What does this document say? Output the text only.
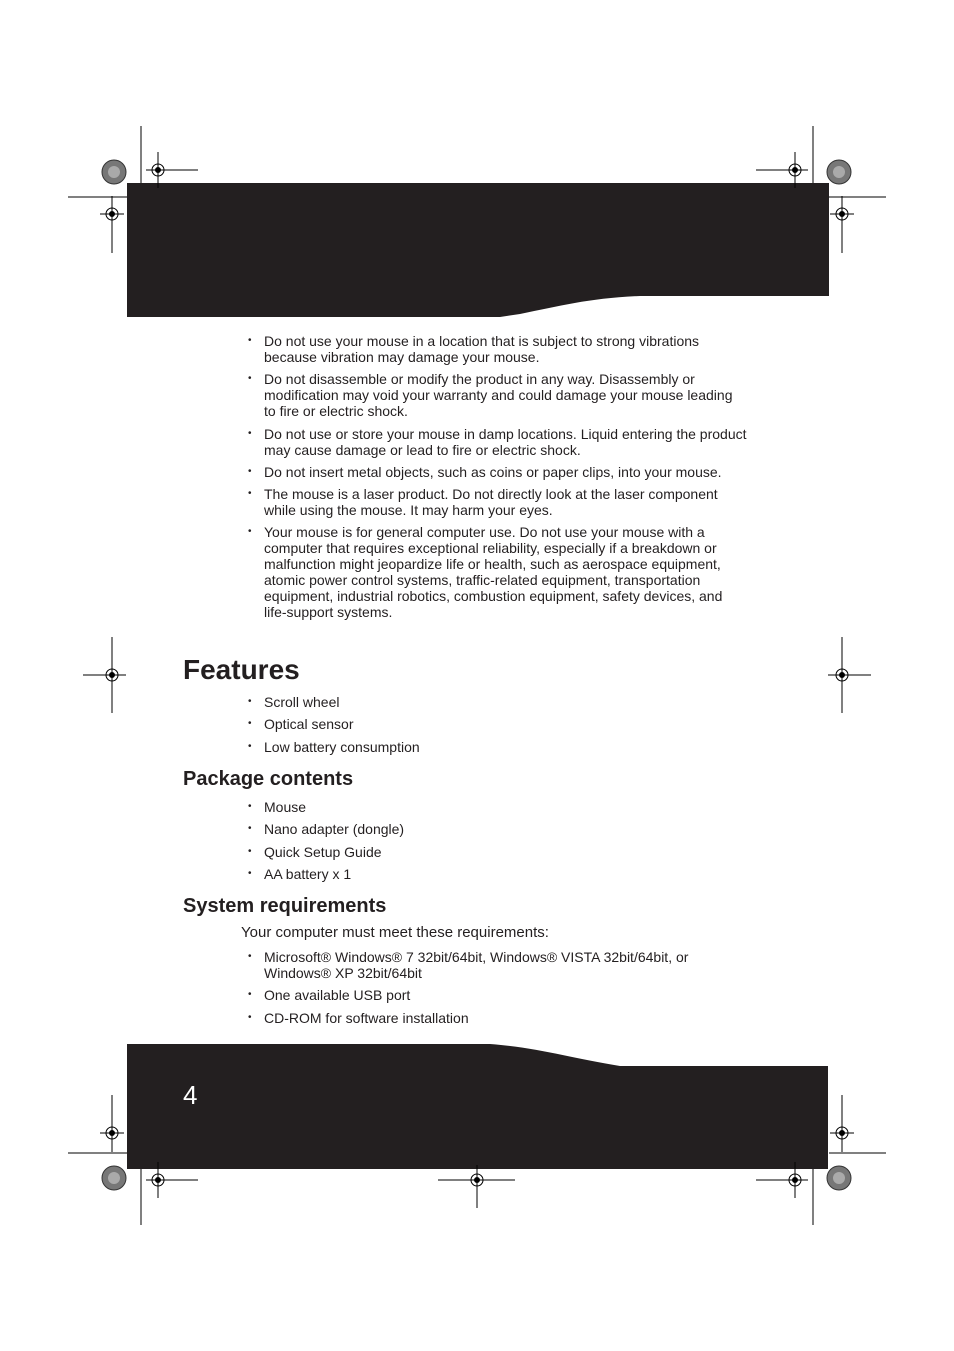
• Do not use your mouse in a location that is subject to strong vibrations because vibration may damage your mouse.
• Do not disassemble or modify the product in any way. Disassembly or modification may void your warranty and could damage your mouse leading to fire or electric shock.
• Do not use or store your mouse in damp locations. Liquid entering the product may cause damage or lead to fire or electric shock.
• Do not insert metal objects, such as coins or paper clips, into your mouse.
• The mouse is a laser product. Do not directly look at the laser component while using the mouse. It may harm your eyes.
• Your mouse is for general computer use. Do not use your mouse with a computer that requires exceptional reliability, especially if a breakdown or malfunction might jeopardize life or health, such as aerospace equipment, atomic power control systems, traffic-related equipment, transportation equipment, industrial robotics, combustion equipment, safety devices, and life-support systems.
Features
• Scroll wheel
• Optical sensor
• Low battery consumption
Package contents
• Mouse
• Nano adapter (dongle)
• Quick Setup Guide
• AA battery x 1
System requirements

Your computer must meet these requirements:

• Microsoft® Windows® 7 32bit/64bit, Windows® VISTA 32bit/64bit, or Windows® XP 32bit/64bit
• One available USB port
• CD-ROM for software installation
4
